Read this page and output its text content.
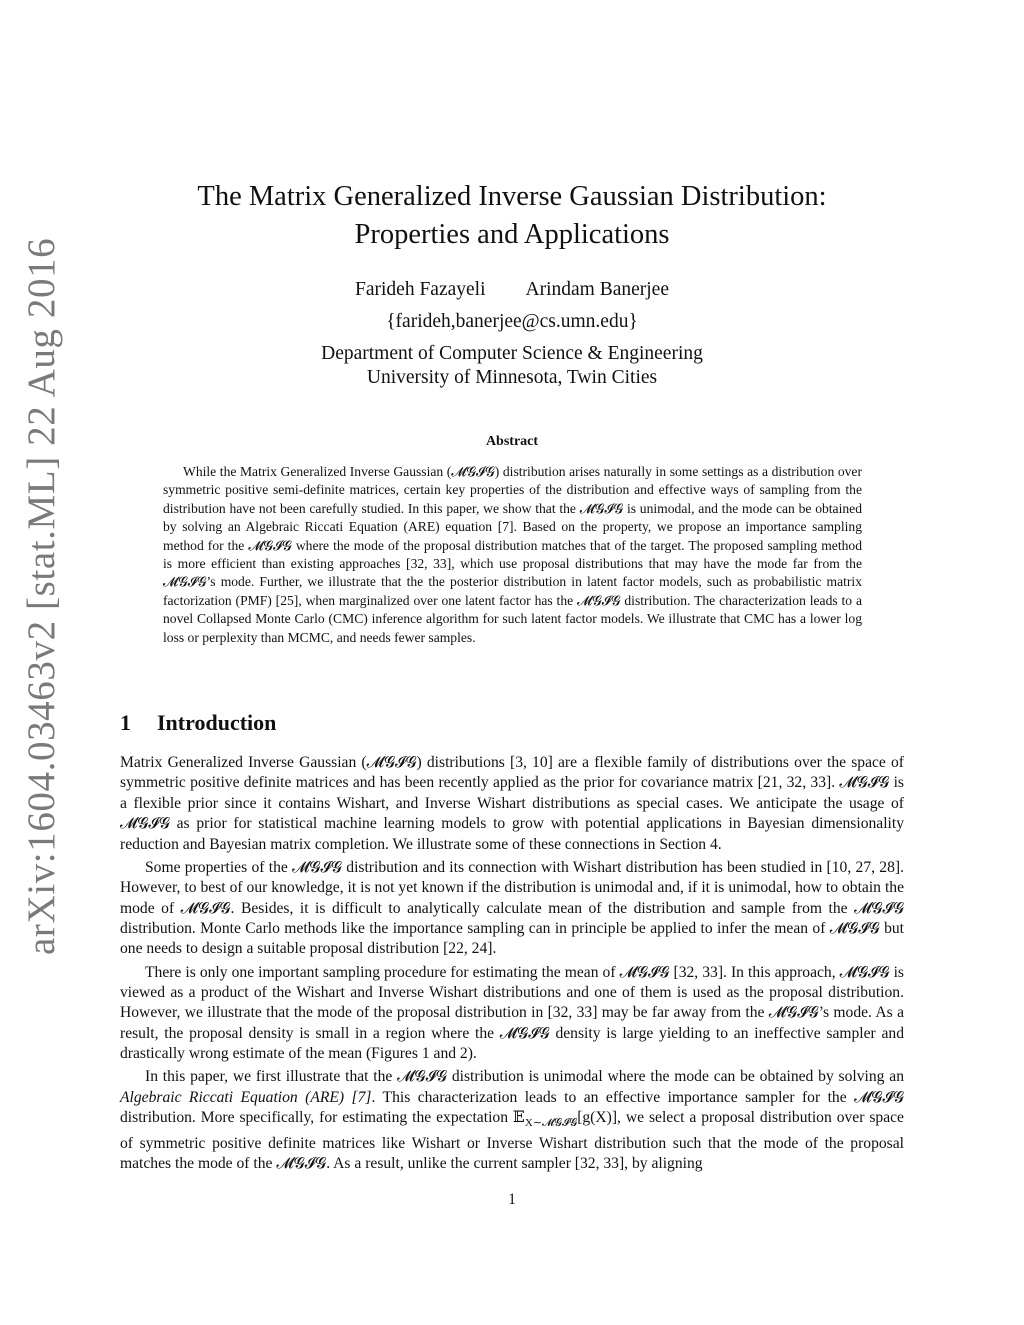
arXiv:1604.03463v2 [stat.ML] 22 Aug 2016
The Matrix Generalized Inverse Gaussian Distribution:
Properties and Applications
Farideh Fazayeli Arindam Banerjee
{farideh,banerjee@cs.umn.edu}
Department of Computer Science & Engineering
University of Minnesota, Twin Cities
Abstract
While the Matrix Generalized Inverse Gaussian (𝓜𝓖𝓘𝓖) distribution arises naturally in some settings as a distribution over symmetric positive semi-definite matrices, certain key properties of the distribution and effective ways of sampling from the distribution have not been carefully studied. In this paper, we show that the 𝓜𝓖𝓘𝓖 is unimodal, and the mode can be obtained by solving an Algebraic Riccati Equation (ARE) equation [7]. Based on the property, we propose an importance sampling method for the 𝓜𝓖𝓘𝓖 where the mode of the proposal distribution matches that of the target. The proposed sampling method is more efficient than existing approaches [32, 33], which use proposal distributions that may have the mode far from the 𝓜𝓖𝓘𝓖’s mode. Further, we illustrate that the the posterior distribution in latent factor models, such as probabilistic matrix factorization (PMF) [25], when marginalized over one latent factor has the 𝓜𝓖𝓘𝓖 distribution. The characterization leads to a novel Collapsed Monte Carlo (CMC) inference algorithm for such latent factor models. We illustrate that CMC has a lower log loss or perplexity than MCMC, and needs fewer samples.
1 Introduction

Matrix Generalized Inverse Gaussian (𝓜𝓖𝓘𝓖) distributions [3, 10] are a flexible family of distributions over the space of symmetric positive definite matrices and has been recently applied as the prior for covariance matrix [21, 32, 33]. 𝓜𝓖𝓘𝓖 is a flexible prior since it contains Wishart, and Inverse Wishart distributions as special cases. We anticipate the usage of 𝓜𝓖𝓘𝓖 as prior for statistical machine learning models to grow with potential applications in Bayesian dimensionality reduction and Bayesian matrix completion. We illustrate some of these connections in Section 4.

Some properties of the 𝓜𝓖𝓘𝓖 distribution and its connection with Wishart distribution has been studied in [10, 27, 28]. However, to best of our knowledge, it is not yet known if the distribution is unimodal and, if it is unimodal, how to obtain the mode of 𝓜𝓖𝓘𝓖. Besides, it is difficult to analytically calculate mean of the distribution and sample from the 𝓜𝓖𝓘𝓖 distribution. Monte Carlo methods like the importance sampling can in principle be applied to infer the mean of 𝓜𝓖𝓘𝓖 but one needs to design a suitable proposal distribution [22, 24].

There is only one important sampling procedure for estimating the mean of 𝓜𝓖𝓘𝓖 [32, 33]. In this approach, 𝓜𝓖𝓘𝓖 is viewed as a product of the Wishart and Inverse Wishart distributions and one of them is used as the proposal distribution. However, we illustrate that the mode of the proposal distribution in [32, 33] may be far away from the 𝓜𝓖𝓘𝓖’s mode. As a result, the proposal density is small in a region where the 𝓜𝓖𝓘𝓖 density is large yielding to an ineffective sampler and drastically wrong estimate of the mean (Figures 1 and 2).

In this paper, we first illustrate that the 𝓜𝓖𝓘𝓖 distribution is unimodal where the mode can be obtained by solving an Algebraic Riccati Equation (ARE) [7]. This characterization leads to an effective importance sampler for the 𝓜𝓖𝓘𝓖 distribution. More specifically, for estimating the expectation 𝔼$_{X\sim 𝓜𝓖𝓘𝓖}$[g(X)], we select a proposal distribution over space of symmetric positive definite matrices like Wishart or Inverse Wishart distribution such that the mode of the proposal matches the mode of the 𝓜𝓖𝓘𝓖. As a result, unlike the current sampler [32, 33], by aligning

1
